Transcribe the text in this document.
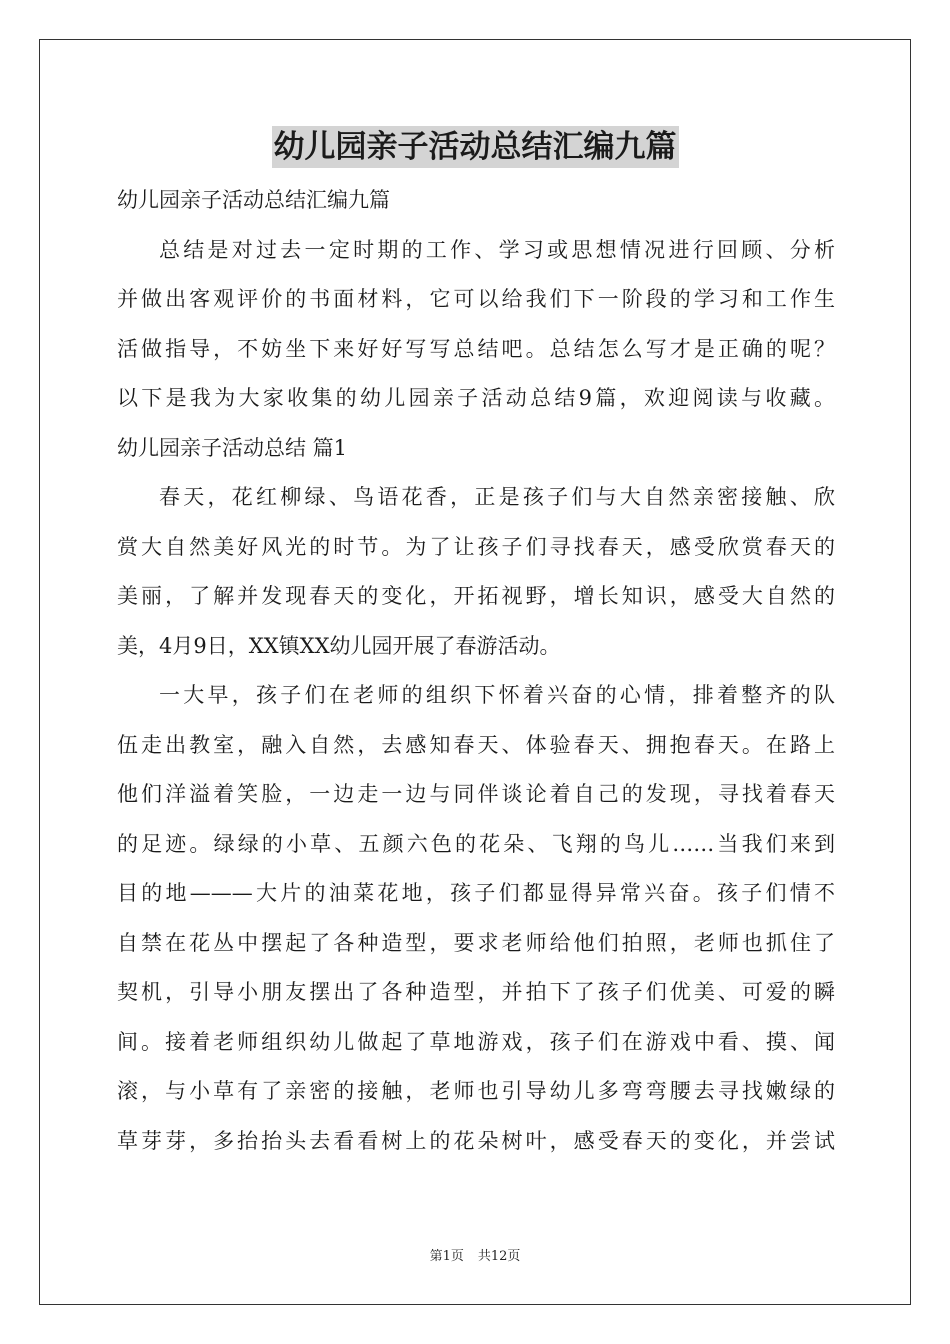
幼儿园亲子活动总结汇编九篇
幼儿园亲子活动总结汇编九篇
总结是对过去一定时期的工作、学习或思想情况进行回顾、分析
并做出客观评价的书面材料，它可以给我们下一阶段的学习和工作生
活做指导，不妨坐下来好好写写总结吧。总结怎么写才是正确的呢？
以下是我为大家收集的幼儿园亲子活动总结9篇，欢迎阅读与收藏。
幼儿园亲子活动总结 篇1
春天，花红柳绿、鸟语花香，正是孩子们与大自然亲密接触、欣
赏大自然美好风光的时节。为了让孩子们寻找春天，感受欣赏春天的
美丽，了解并发现春天的变化，开拓视野，增长知识，感受大自然的
美，4月9日，XX镇XX幼儿园开展了春游活动。
一大早，孩子们在老师的组织下怀着兴奋的心情，排着整齐的队
伍走出教室，融入自然，去感知春天、体验春天、拥抱春天。在路上
他们洋溢着笑脸，一边走一边与同伴谈论着自己的发现，寻找着春天
的足迹。绿绿的小草、五颜六色的花朵、飞翔的鸟儿……当我们来到
目的地———大片的油菜花地，孩子们都显得异常兴奋。孩子们情不
自禁在花丛中摆起了各种造型，要求老师给他们拍照，老师也抓住了
契机，引导小朋友摆出了各种造型，并拍下了孩子们优美、可爱的瞬
间。接着老师组织幼儿做起了草地游戏，孩子们在游戏中看、摸、闻
滚，与小草有了亲密的接触，老师也引导幼儿多弯弯腰去寻找嫩绿的
草芽芽，多抬抬头去看看树上的花朵树叶，感受春天的变化，并尝试
第1页 共12页
